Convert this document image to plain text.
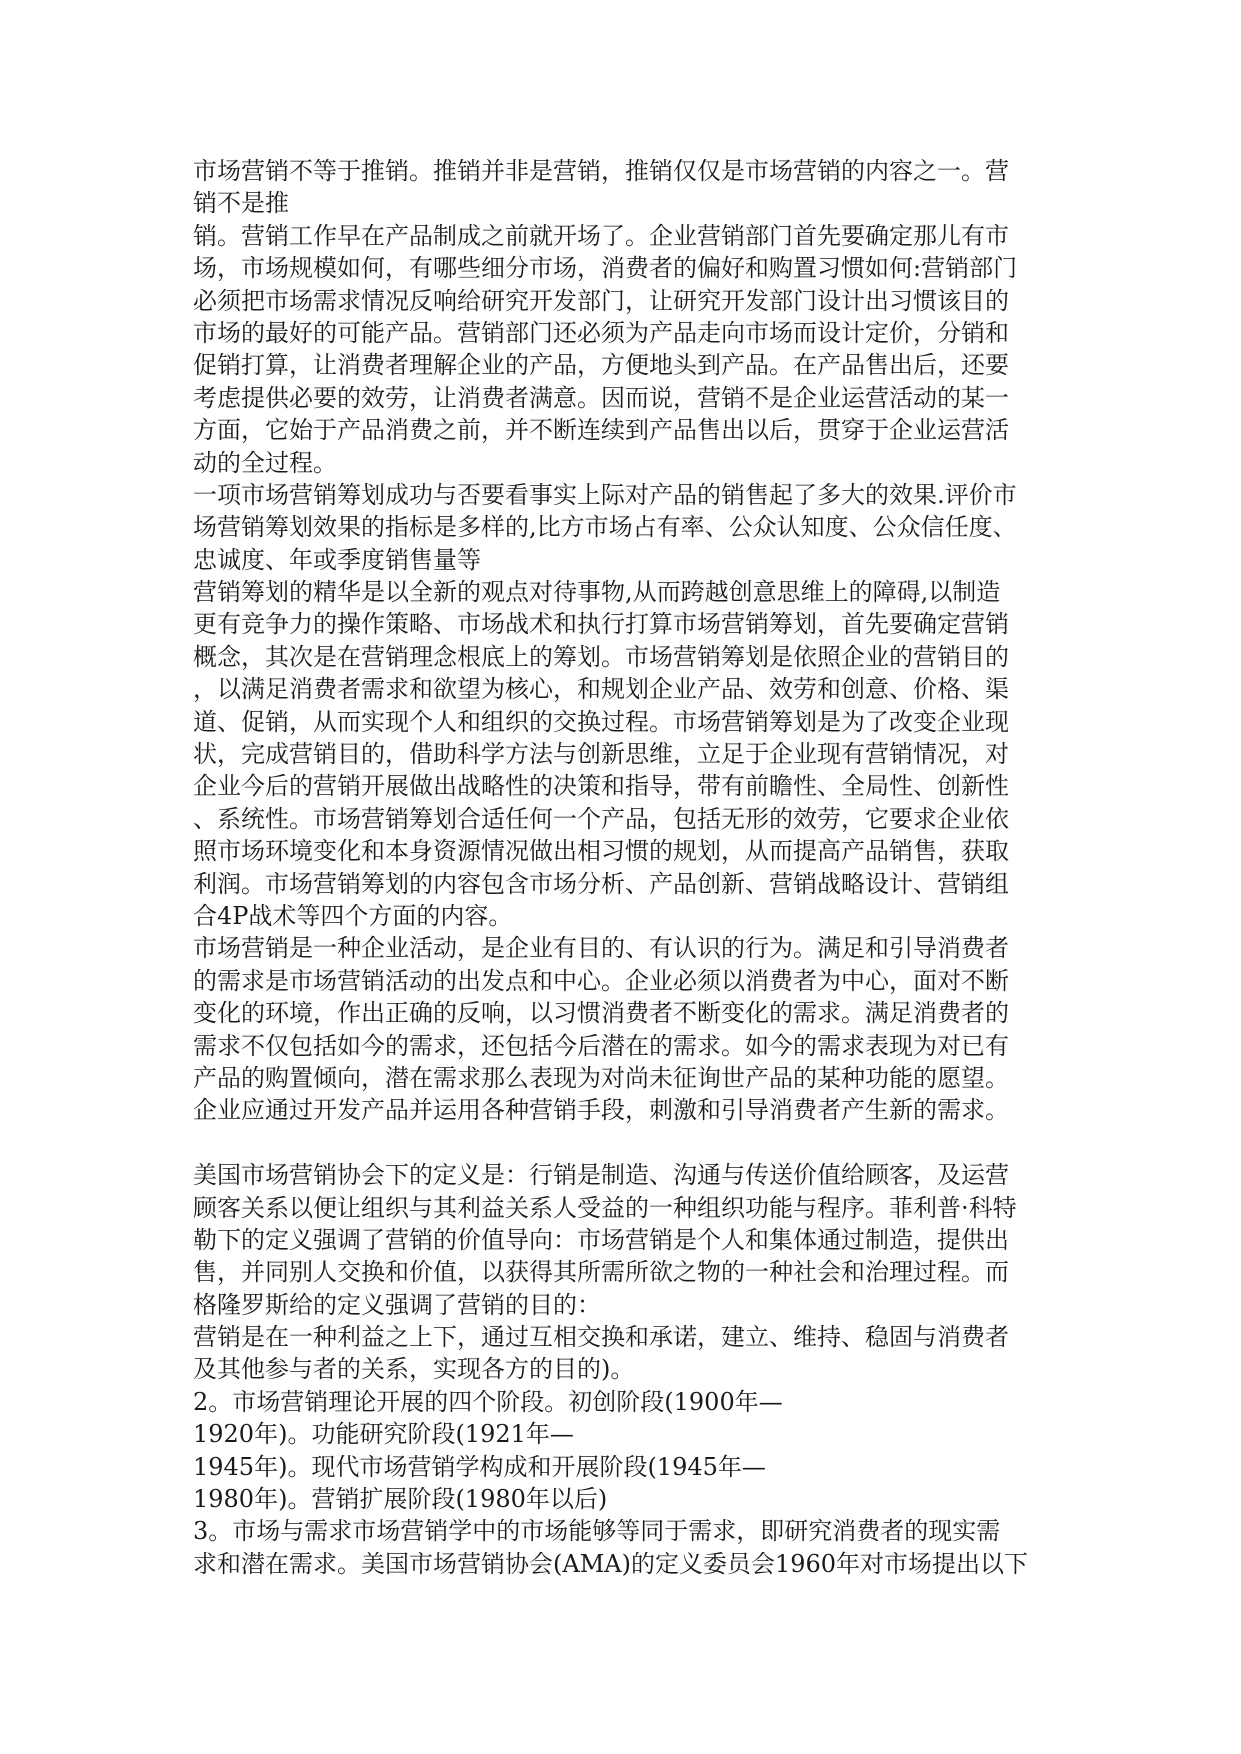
市场营销不等于推销。推销并非是营销，推销仅仅是市场营销的内容之一。营
销不是推
销。营销工作早在产品制成之前就开场了。企业营销部门首先要确定那儿有市
场，市场规模如何，有哪些细分市场，消费者的偏好和购置习惯如何:营销部门
必须把市场需求情况反响给研究开发部门，让研究开发部门设计出习惯该目的
市场的最好的可能产品。营销部门还必须为产品走向市场而设计定价，分销和
促销打算，让消费者理解企业的产品，方便地头到产品。在产品售出后，还要
考虑提供必要的效劳，让消费者满意。因而说，营销不是企业运营活动的某一
方面，它始于产品消费之前，并不断连续到产品售出以后，贯穿于企业运营活
动的全过程。
一项市场营销筹划成功与否要看事实上际对产品的销售起了多大的效果.评价市
场营销筹划效果的指标是多样的,比方市场占有率、公众认知度、公众信任度、
忠诚度、年或季度销售量等
营销筹划的精华是以全新的观点对待事物,从而跨越创意思维上的障碍,以制造
更有竞争力的操作策略、市场战术和执行打算市场营销筹划，首先要确定营销
概念，其次是在营销理念根底上的筹划。市场营销筹划是依照企业的营销目的
，以满足消费者需求和欲望为核心，和规划企业产品、效劳和创意、价格、渠
道、促销，从而实现个人和组织的交换过程。市场营销筹划是为了改变企业现
状，完成营销目的，借助科学方法与创新思维，立足于企业现有营销情况，对
企业今后的营销开展做出战略性的决策和指导，带有前瞻性、全局性、创新性
、系统性。市场营销筹划合适任何一个产品，包括无形的效劳，它要求企业依
照市场环境变化和本身资源情况做出相习惯的规划，从而提高产品销售，获取
利润。市场营销筹划的内容包含市场分析、产品创新、营销战略设计、营销组
合4P战术等四个方面的内容。
市场营销是一种企业活动，是企业有目的、有认识的行为。满足和引导消费者
的需求是市场营销活动的出发点和中心。企业必须以消费者为中心，面对不断
变化的环境，作出正确的反响，以习惯消费者不断变化的需求。满足消费者的
需求不仅包括如今的需求，还包括今后潜在的需求。如今的需求表现为对已有
产品的购置倾向，潜在需求那么表现为对尚未征询世产品的某种功能的愿望。
企业应通过开发产品并运用各种营销手段，刺激和引导消费者产生新的需求。
美国市场营销协会下的定义是：行销是制造、沟通与传送价值给顾客，及运营
顾客关系以便让组织与其利益关系人受益的一种组织功能与程序。菲利普·科特
勒下的定义强调了营销的价值导向：市场营销是个人和集体通过制造，提供出
售，并同别人交换和价值，以获得其所需所欲之物的一种社会和治理过程。而
格隆罗斯给的定义强调了营销的目的：
营销是在一种利益之上下，通过互相交换和承诺，建立、维持、稳固与消费者
及其他参与者的关系，实现各方的目的)。
2。市场营销理论开展的四个阶段。初创阶段(1900年—
1920年)。功能研究阶段(1921年—
1945年)。现代市场营销学构成和开展阶段(1945年—
1980年)。营销扩展阶段(1980年以后)
3。市场与需求市场营销学中的市场能够等同于需求，即研究消费者的现实需
求和潜在需求。美国市场营销协会(AMA)的定义委员会1960年对市场提出以下
